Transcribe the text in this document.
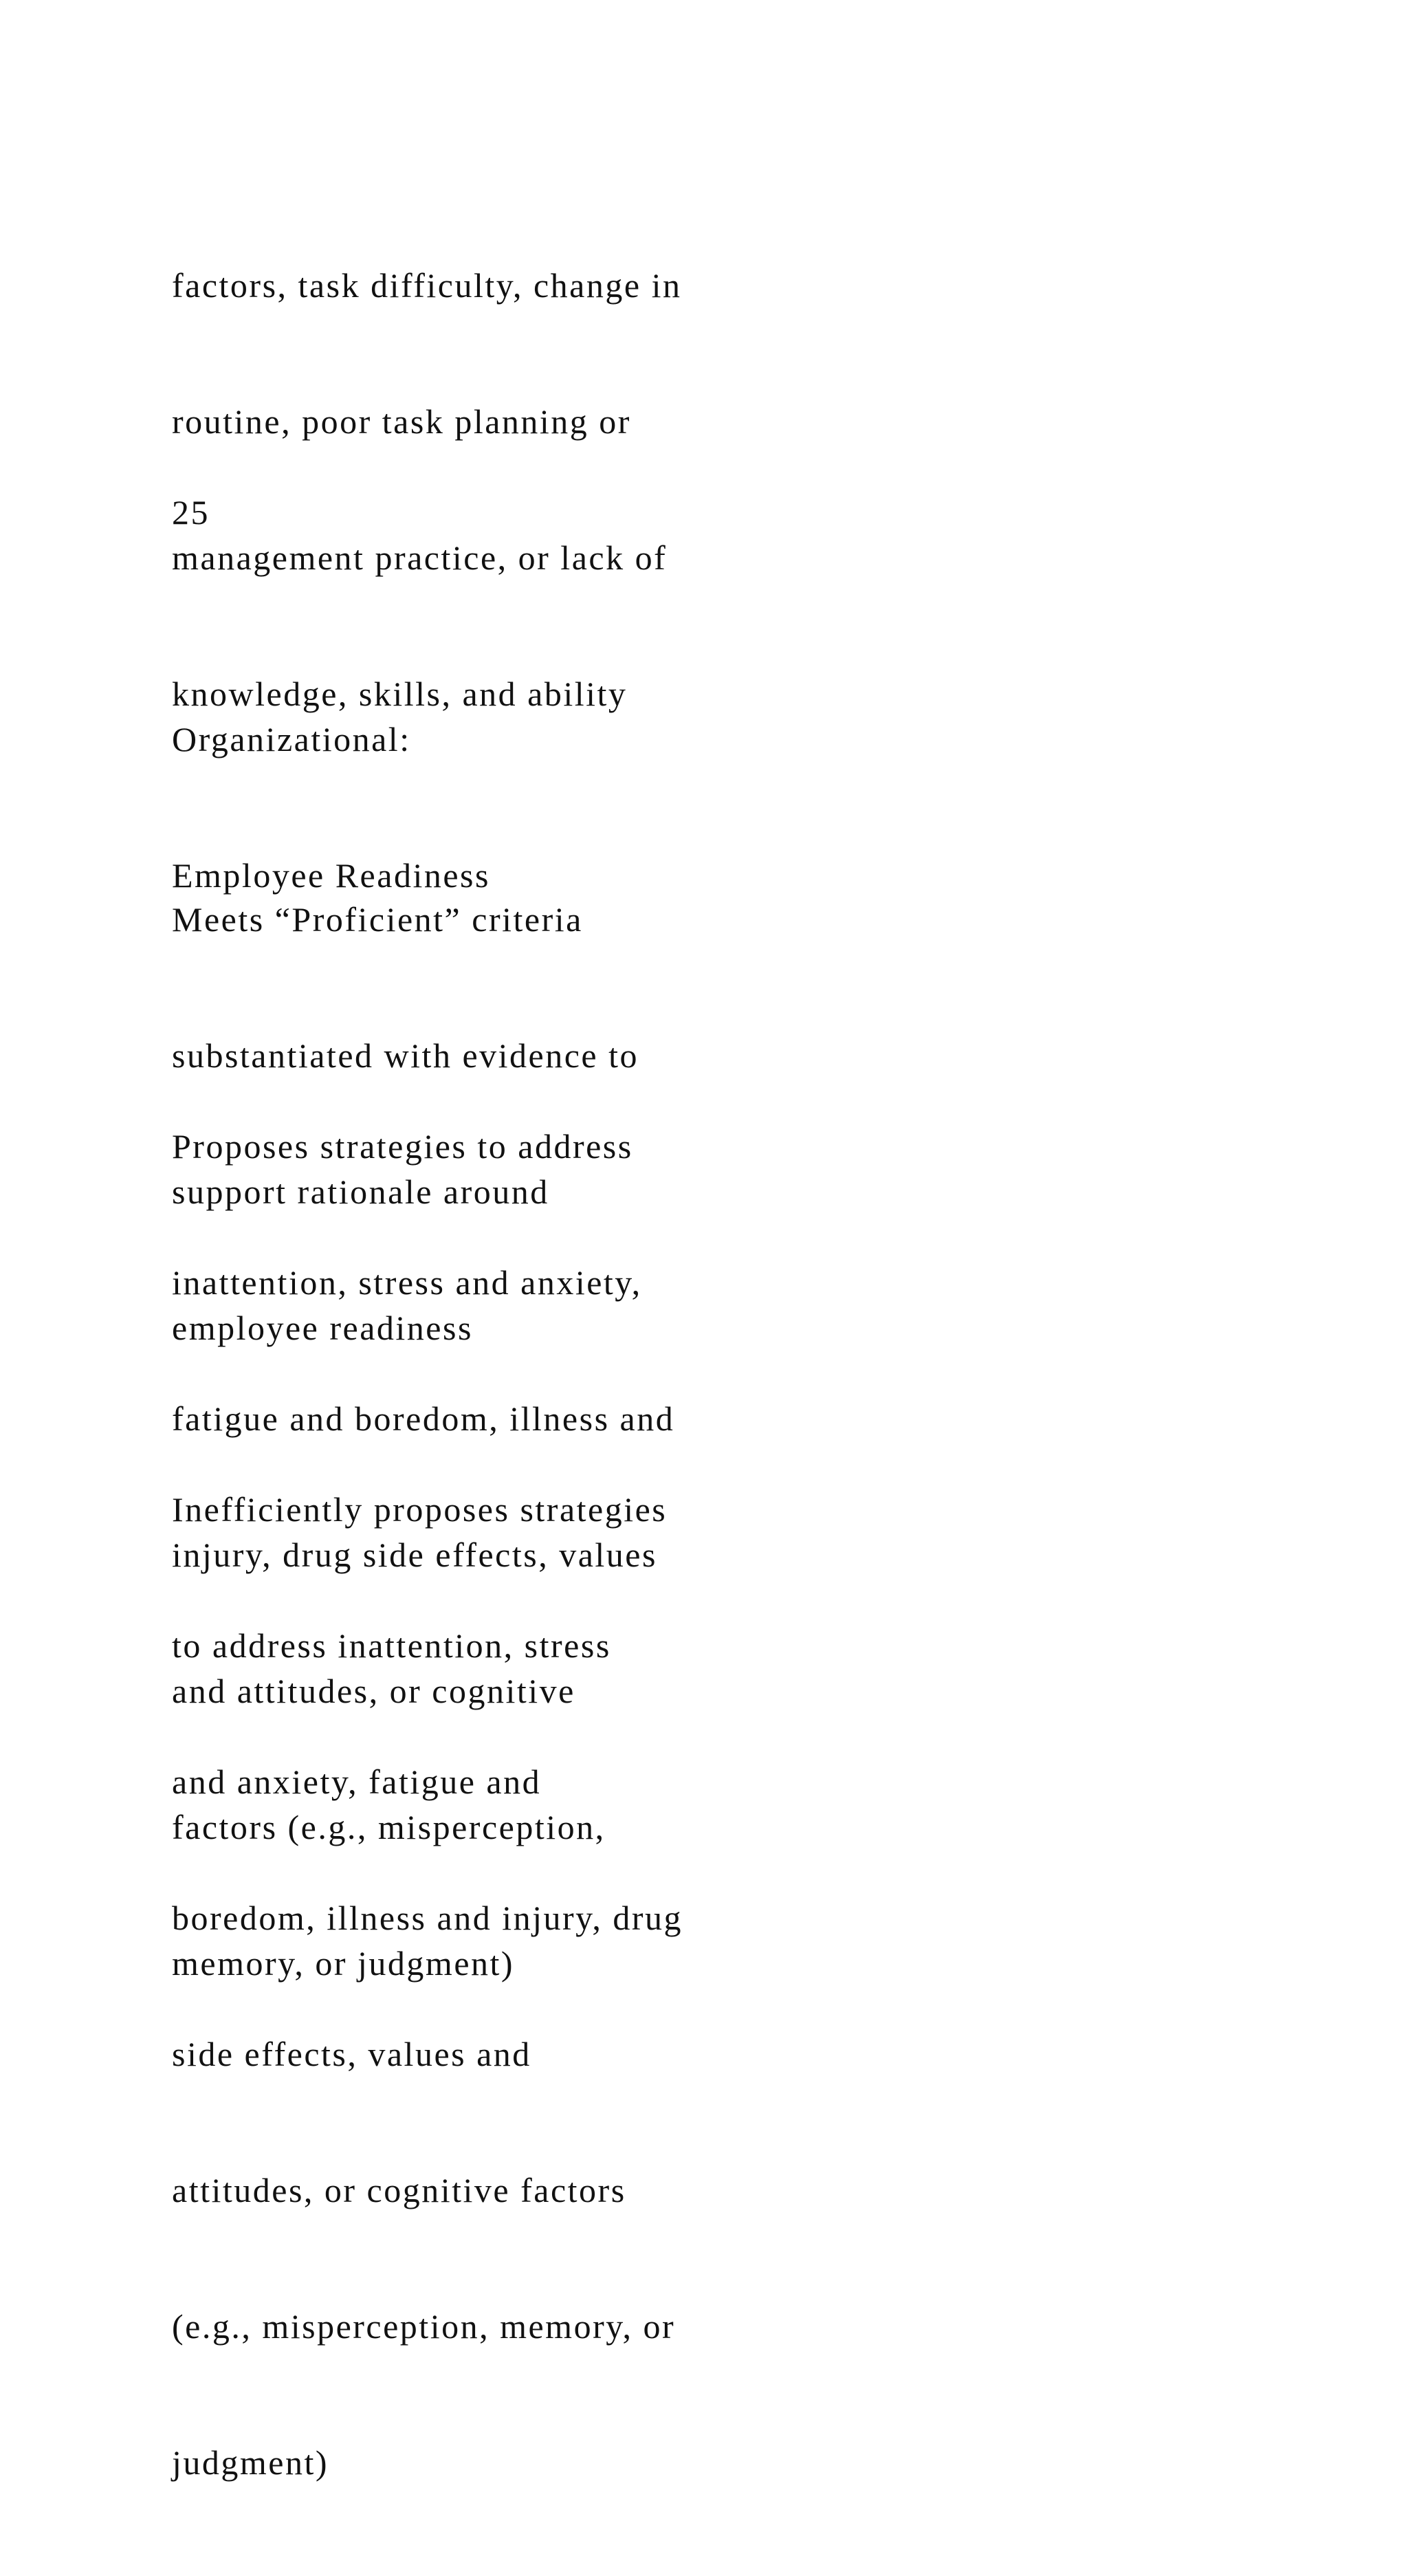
factors, task difficulty, change in

routine, poor task planning or

management practice, or lack of

knowledge, skills, and ability

25

Organizational:

Employee Readiness

Meets “Proficient” criteria

substantiated with evidence to

support rationale around

employee readiness

Proposes strategies to address

inattention, stress and anxiety,

fatigue and boredom, illness and

injury, drug side effects, values

and attitudes, or cognitive

factors (e.g., misperception,

memory, or judgment)

Inefficiently proposes strategies

to address inattention, stress

and anxiety, fatigue and

boredom, illness and injury, drug

side effects, values and

attitudes, or cognitive factors

(e.g., misperception, memory, or

judgment)
